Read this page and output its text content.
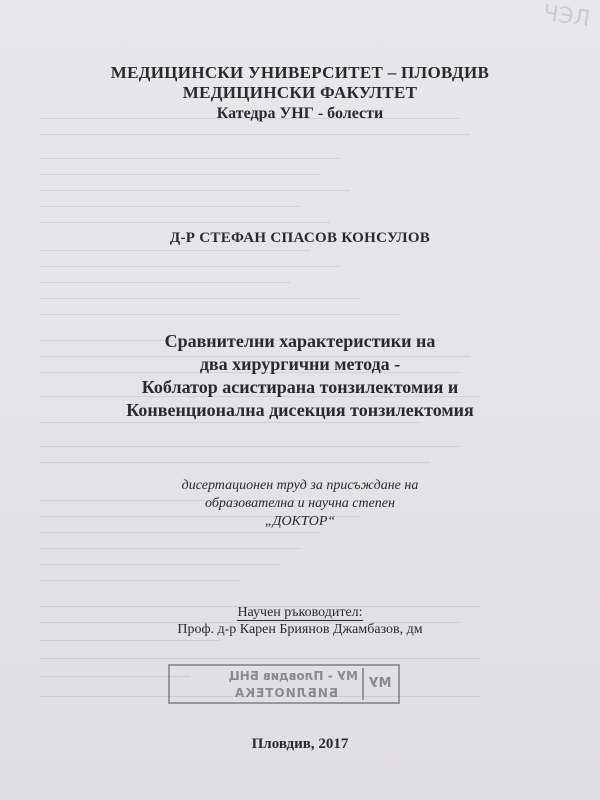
ЧЭЛ
МЕДИЦИНСКИ УНИВЕРСИТЕТ – ПЛОВДИВ
МЕДИЦИНСКИ ФАКУЛТЕТ
Катедра УНГ - болести
Д-Р СТЕФАН СПАСОВ КОНСУЛОВ
Сравнителни характеристики на
два хирургични метода -
Коблатор асистирана тонзилектомия и
Конвенционална дисекция тонзилектомия
дисертационен труд за присъждане на
образователна и научна степен
„ДОКТОР“
Научен ръководител:
Проф. д-р Карен Бриянов Джамбазов, дм
МУ
МУ - Пловдив БНЦ
БИБЛИОТЕКА
Пловдив, 2017
